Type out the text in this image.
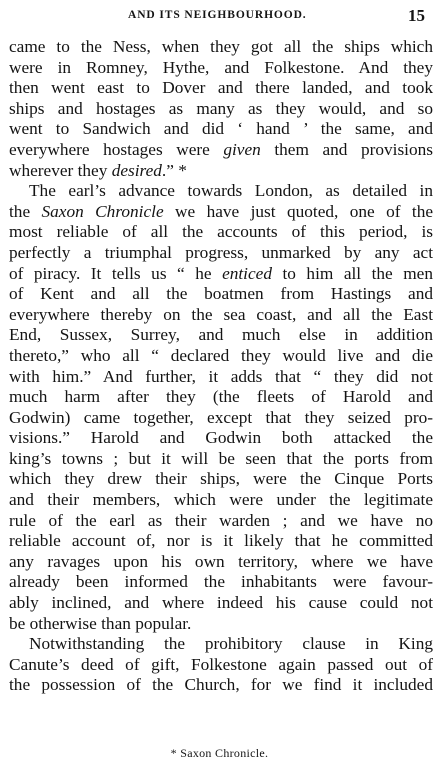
AND ITS NEIGHBOURHOOD.	15
came to the Ness, when they got all the ships which
were in Romney, Hythe, and Folkestone. And they
then went east to Dover and there landed, and took
ships and hostages as many as they would, and so
went to Sandwich and did ‘ hand ’ the same, and
everywhere hostages were given them and provisions
wherever they desired.” *
The earl’s advance towards London, as detailed in
the Saxon Chronicle we have just quoted, one of the
most reliable of all the accounts of this period, is
perfectly a triumphal progress, unmarked by any act
of piracy. It tells us “ he enticed to him all the men
of Kent and all the boatmen from Hastings and
everywhere thereby on the sea coast, and all the East
End, Sussex, Surrey, and much else in addition
thereto,” who all “ declared they would live and die
with him.” And further, it adds that “ they did not
much harm after they (the fleets of Harold and
Godwin) came together, except that they seized pro-
visions.” Harold and Godwin both attacked the
king’s towns ; but it will be seen that the ports from
which they drew their ships, were the Cinque Ports
and their members, which were under the legitimate
rule of the earl as their warden ; and we have no
reliable account of, nor is it likely that he committed
any ravages upon his own territory, where we have
already been informed the inhabitants were favour-
ably inclined, and where indeed his cause could not
be otherwise than popular.
Notwithstanding the prohibitory clause in King
Canute’s deed of gift, Folkestone again passed out of
the possession of the Church, for we find it included
* Saxon Chronicle.
